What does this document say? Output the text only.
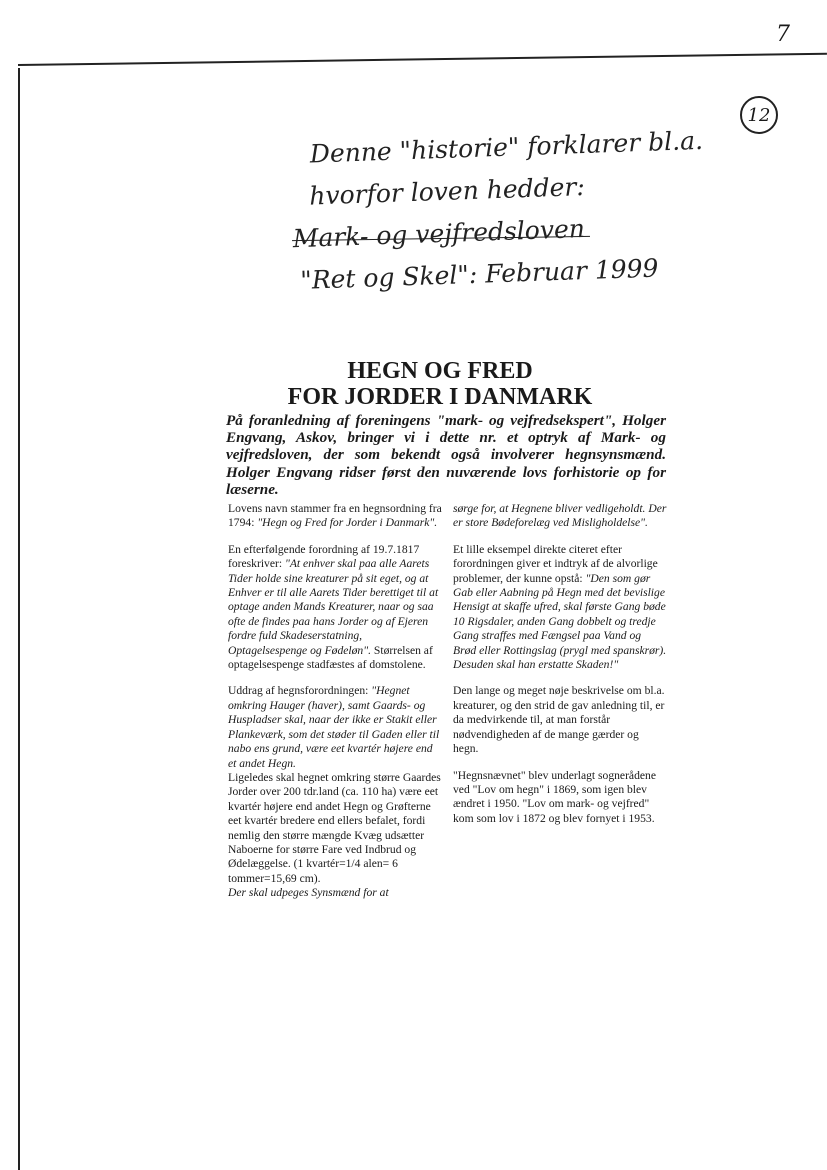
7
12
Denne "historie" forklarer bl.a.
hvorfor loven hedder:
Mark- og vejfredsloven
"Ret og Skel": Februar 1999
HEGN OG FRED
FOR JORDER I DANMARK
På foranledning af foreningens "mark- og vejfredsekspert", Holger Engvang, Askov, bringer vi i dette nr. et optryk af Mark- og vejfredsloven, der som bekendt også involverer hegnsynsmænd. Holger Engvang ridser først den nuværende lovs forhistorie op for læserne.

Lovens navn stammer fra en hegnsordning fra 1794: "Hegn og Fred for Jorder i Danmark".

En efterfølgende forordning af 19.7.1817 foreskriver: "At enhver skal paa alle Aarets Tider holde sine kreaturer på sit eget, og at Enhver er til alle Aarets Tider berettiget til at optage anden Mands Kreaturer, naar og saa ofte de findes paa hans Jorder og af Ejeren fordre fuld Skadeserstatning, Optagelsespenge og Fødeløn". Størrelsen af optagelsespenge stadfæstes af domstolene.

Uddrag af hegnsforordningen: "Hegnet omkring Hauger (haver), samt Gaards- og Huspladser skal, naar der ikke er Stakit eller Plankeværk, som det støder til Gaden eller til nabo ens grund, være eet kvartér højere end et andet Hegn.

Ligeledes skal hegnet omkring større Gaardes Jorder over 200 tdr.land (ca. 110 ha) være eet kvartér højere end andet Hegn og Grøfterne eet kvartér bredere end ellers befalet, fordi nemlig den større mængde Kvæg udsætter Naboerne for større Fare ved Indbrud og Ødelæggelse. (1 kvartér=1/4 alen= 6 tommer=15,69 cm).

Der skal udpeges Synsmænd for at

sørge for, at Hegnene bliver vedligeholdt. Der er store Bødeforelæg ved Misligholdelse".

Et lille eksempel direkte citeret efter forordningen giver et indtryk af de alvorlige problemer, der kunne opstå: "Den som gør Gab eller Aabning på Hegn med det bevislige Hensigt at skaffe ufred, skal første Gang bøde 10 Rigsdaler, anden Gang dobbelt og tredje Gang straffes med Fængsel paa Vand og Brød eller Rottingslag (prygl med spanskrør). Desuden skal han erstatte Skaden!"

Den lange og meget nøje beskrivelse om bl.a. kreaturer, og den strid de gav anledning til, er da medvirkende til, at man forstår nødvendigheden af de mange gærder og hegn.

"Hegnsnævnet" blev underlagt sognerådene ved "Lov om hegn" i 1869, som igen blev ændret i 1950. "Lov om mark- og vejfred" kom som lov i 1872 og blev fornyet i 1953.
